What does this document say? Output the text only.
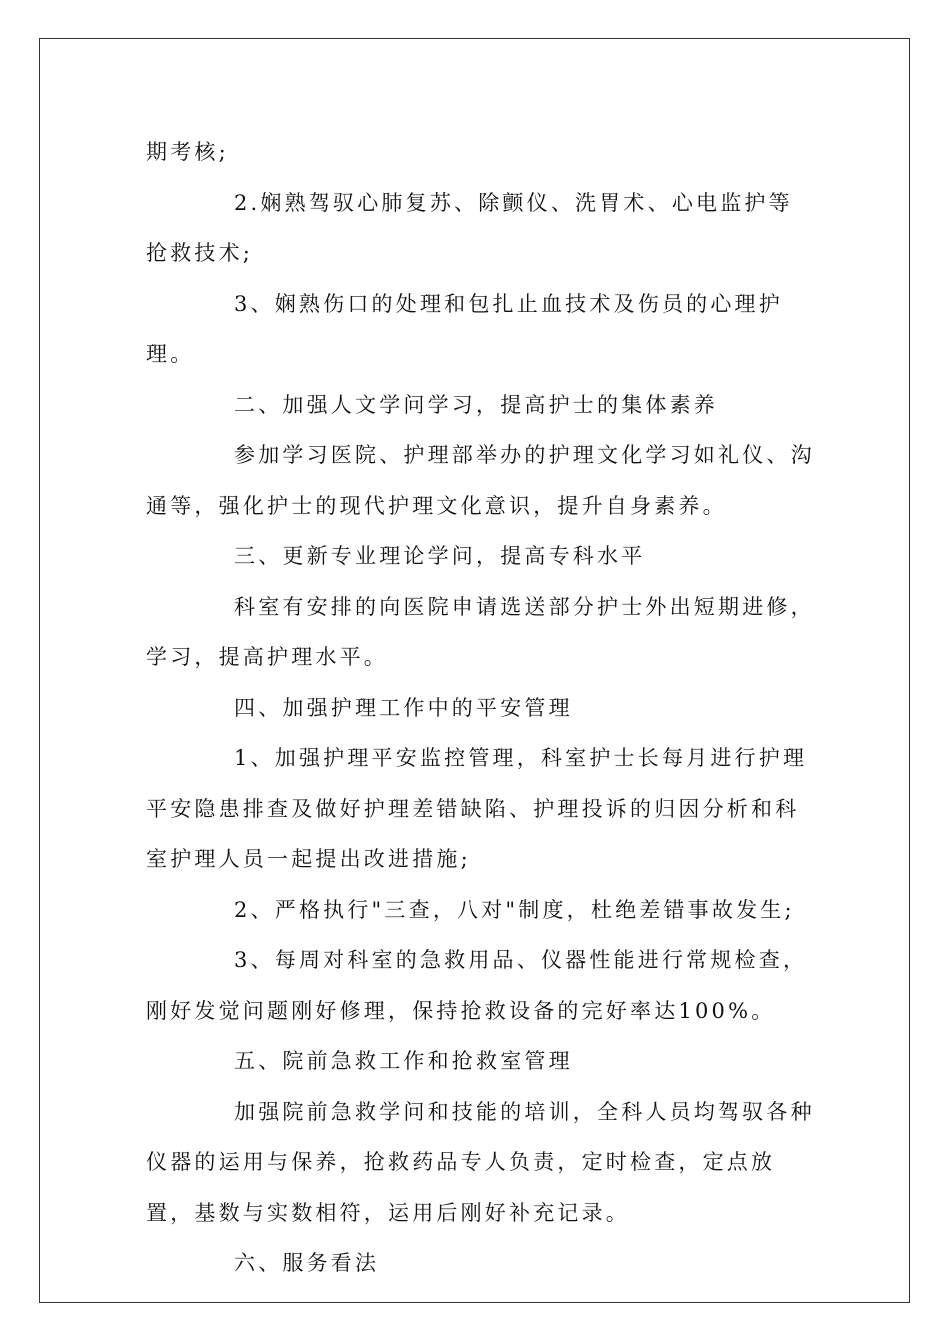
期考核;

2.娴熟驾驭心肺复苏、除颤仪、洗胃术、心电监护等抢救技术;

3、娴熟伤口的处理和包扎止血技术及伤员的心理护理。

二、加强人文学问学习，提高护士的集体素养

参加学习医院、护理部举办的护理文化学习如礼仪、沟通等，强化护士的现代护理文化意识，提升自身素养。

三、更新专业理论学问，提高专科水平

科室有安排的向医院申请选送部分护士外出短期进修，学习，提高护理水平。

四、加强护理工作中的平安管理

1、加强护理平安监控管理，科室护士长每月进行护理平安隐患排查及做好护理差错缺陷、护理投诉的归因分析和科室护理人员一起提出改进措施;

2、严格执行"三查，八对"制度，杜绝差错事故发生;

3、每周对科室的急救用品、仪器性能进行常规检查，刚好发觉问题刚好修理，保持抢救设备的完好率达100%。

五、院前急救工作和抢救室管理

加强院前急救学问和技能的培训，全科人员均驾驭各种仪器的运用与保养，抢救药品专人负责，定时检查，定点放置，基数与实数相符，运用后刚好补充记录。

六、服务看法
